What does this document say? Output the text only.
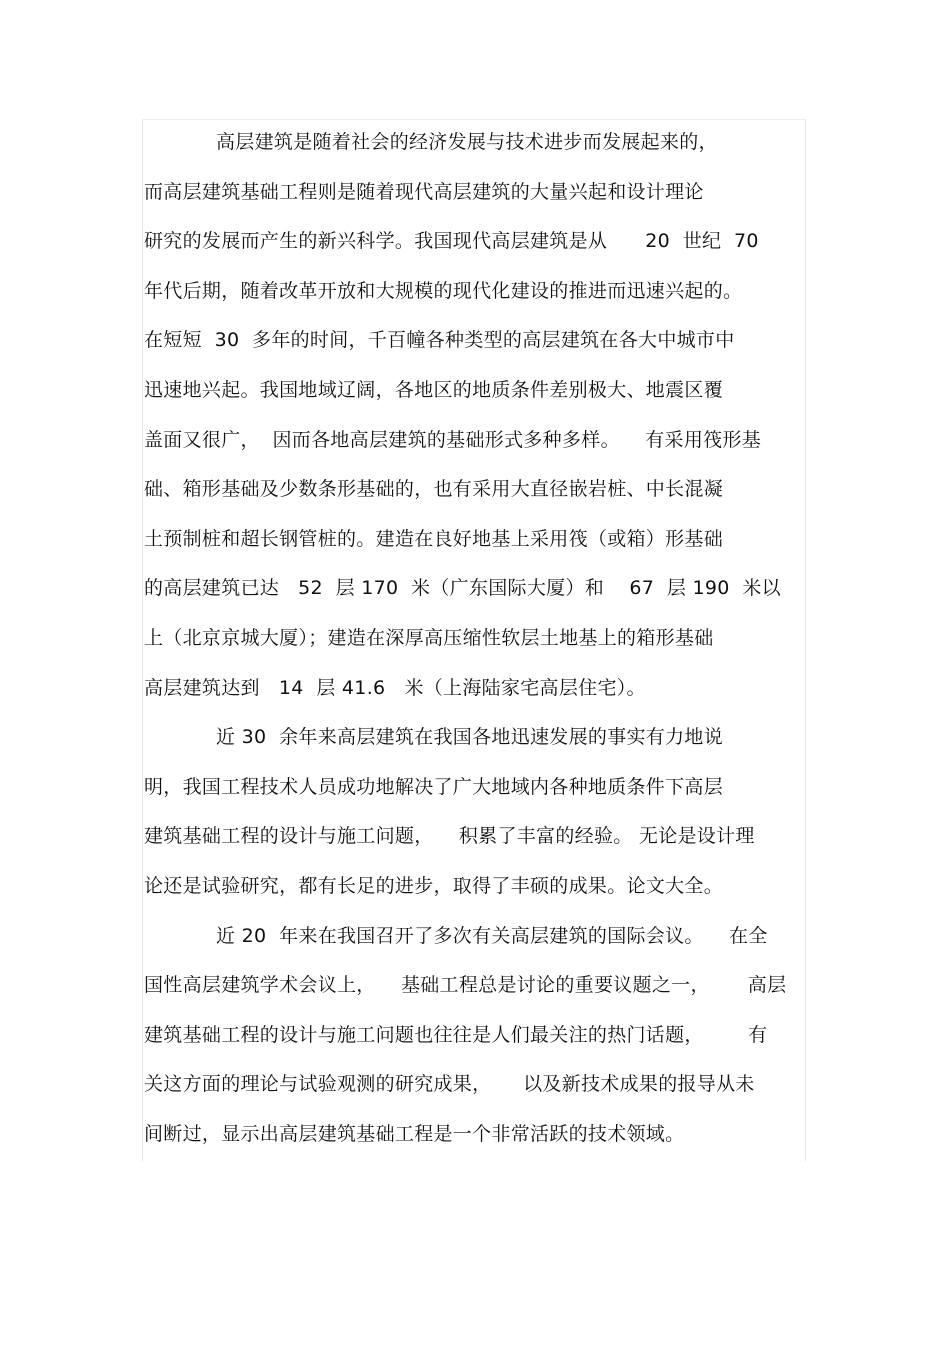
高层建筑是随着社会的经济发展与技术进步而发展起来的，
而高层建筑基础工程则是随着现代高层建筑的大量兴起和设计理论
研究的发展而产生的新兴科学。我国现代高层建筑是从      20  世纪  70
年代后期，随着改革开放和大规模的现代化建设的推进而迅速兴起的。
在短短  30  多年的时间，千百幢各种类型的高层建筑在各大中城市中
迅速地兴起。我国地域辽阔，各地区的地质条件差别极大、地震区覆
盖面又很广，  因而各地高层建筑的基础形式多种多样。    有采用筏形基
础、箱形基础及少数条形基础的，也有采用大直径嵌岩桩、中长混凝
土预制桩和超长钢管桩的。建造在良好地基上采用筏（或箱）形基础
的高层建筑已达   52  层 170  米（广东国际大厦）和    67  层 190  米以
上（北京京城大厦）；建造在深厚高压缩性软层土地基上的箱形基础
高层建筑达到   14  层 41.6   米（上海陆家宅高层住宅）。
近 30  余年来高层建筑在我国各地迅速发展的事实有力地说
明，我国工程技术人员成功地解决了广大地域内各种地质条件下高层
建筑基础工程的设计与施工问题，    积累了丰富的经验。 无论是设计理
论还是试验研究，都有长足的进步，取得了丰硕的成果。论文大全。
近 20  年来在我国召开了多次有关高层建筑的国际会议。    在全
国性高层建筑学术会议上，    基础工程总是讨论的重要议题之一，      高层
建筑基础工程的设计与施工问题也往往是人们最关注的热门话题，       有
关这方面的理论与试验观测的研究成果，     以及新技术成果的报导从未
间断过，显示出高层建筑基础工程是一个非常活跃的技术领域。
